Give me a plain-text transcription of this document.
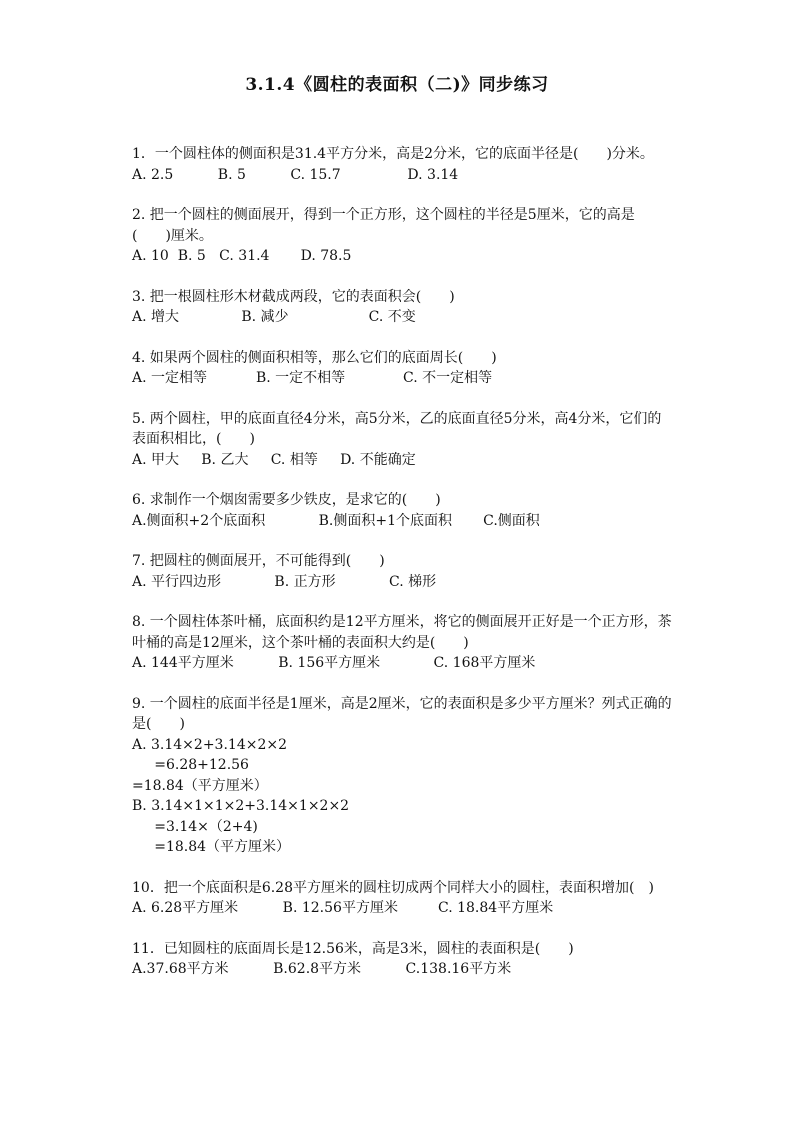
3.1.4《圆柱的表面积（二)》同步练习
1．一个圆柱体的侧面积是31.4平方分米，高是2分米，它的底面半径是(　　)分米。
A. 2.5          B. 5          C. 15.7               D. 3.14
2. 把一个圆柱的侧面展开，得到一个正方形，这个圆柱的半径是5厘米，它的高是(　　)厘米。
A. 10  B. 5   C. 31.4       D. 78.5
3. 把一根圆柱形木材截成两段，它的表面积会(　　)
A. 增大              B. 减少                  C. 不变
4. 如果两个圆柱的侧面积相等，那么它们的底面周长(　　)
A. 一定相等           B. 一定不相等             C. 不一定相等
5. 两个圆柱，甲的底面直径4分米，高5分米，乙的底面直径5分米，高4分米，它们的表面积相比，(　　)
A. 甲大     B. 乙大     C. 相等     D. 不能确定
6. 求制作一个烟囱需要多少铁皮，是求它的(　　)
A.侧面积+2个底面积            B.侧面积+1个底面积       C.侧面积
7. 把圆柱的侧面展开，不可能得到(　　)
A. 平行四边形            B. 正方形            C. 梯形
8. 一个圆柱体茶叶桶，底面积约是12平方厘米，将它的侧面展开正好是一个正方形，茶叶桶的高是12厘米，这个茶叶桶的表面积大约是(　　)
A. 144平方厘米          B. 156平方厘米            C. 168平方厘米
9. 一个圆柱的底面半径是1厘米，高是2厘米，它的表面积是多少平方厘米？列式正确的是(　　)
A. 3.14×2+3.14×2×2
=6.28+12.56
=18.84（平方厘米）
B. 3.14×1×1×2+3.14×1×2×2
=3.14×（2+4)
=18.84（平方厘米）
10．把一个底面积是6.28平方厘米的圆柱切成两个同样大小的圆柱，表面积增加(　)
A. 6.28平方厘米          B. 12.56平方厘米         C. 18.84平方厘米
11．已知圆柱的底面周长是12.56米，高是3米，圆柱的表面积是(　　)
A.37.68平方米          B.62.8平方米          C.138.16平方米
